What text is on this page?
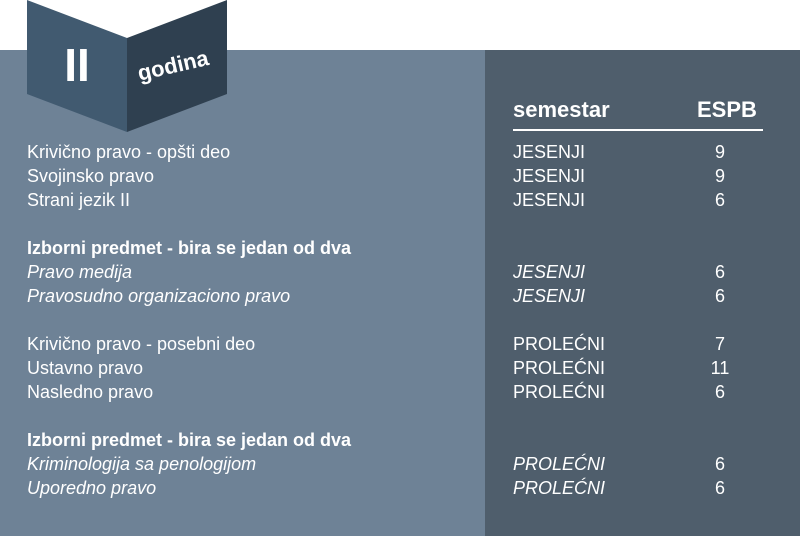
II	godina
semestar	ESPB
Krivično pravo - opšti deo	JESENJI	9
Svojinsko pravo	JESENJI	9
Strani jezik II	JESENJI	6
Izborni predmet - bira se jedan od dva
Pravo medija	JESENJI	6
Pravosudno organizaciono pravo	JESENJI	6
Krivično pravo - posebni deo	PROLEĆNI	7
Ustavno pravo	PROLEĆNI	11
Nasledno pravo	PROLEĆNI	6
Izborni predmet - bira se jedan od dva
Kriminologija sa penologijom	PROLEĆNI	6
Uporedno pravo	PROLEĆNI	6
